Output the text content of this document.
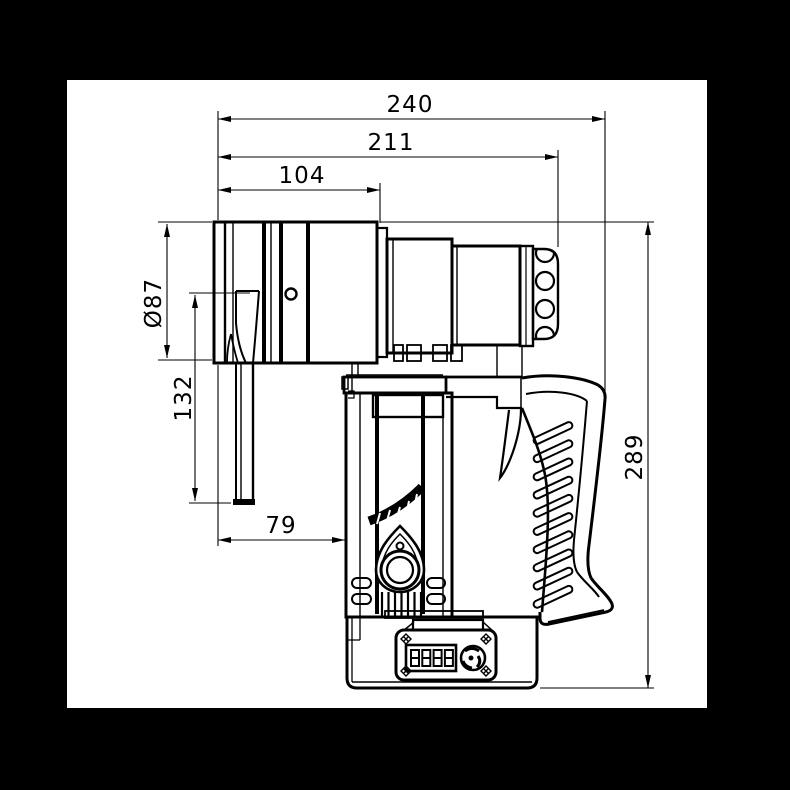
240
211
104
Ø87
132
79
289
